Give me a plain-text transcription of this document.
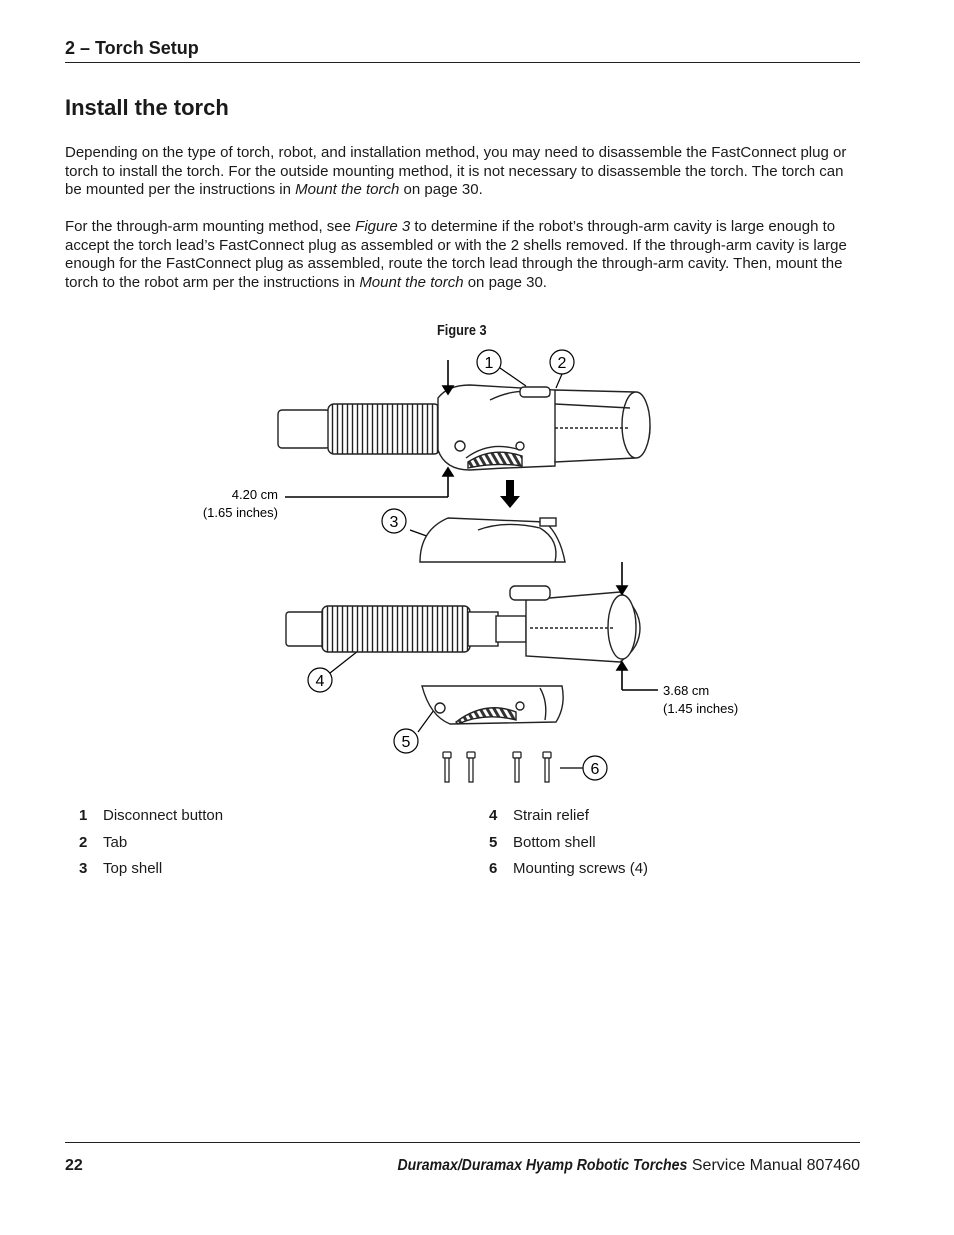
2 – Torch Setup
Install the torch

Depending on the type of torch, robot, and installation method, you may need to disassemble the FastConnect plug or torch to install the torch. For the outside mounting method, it is not necessary to disassemble the torch. The torch can be mounted per the instructions in Mount the torch on page 30.

For the through-arm mounting method, see Figure 3 to determine if the robot’s through-arm cavity is large enough to accept the torch lead’s FastConnect plug as assembled or with the 2 shells removed. If the through-arm cavity is large enough for the FastConnect plug as assembled, route the torch lead through the through-arm cavity. Then, mount the torch to the robot arm per the instructions in Mount the torch on page 30.

Figure 3
1	2
3
4
5
6
4.20 cm
(1.65 inches)
3.68 cm
(1.45 inches)
1 Disconnect button
2 Tab
3 Top shell
4 Strain relief
5 Bottom shell
6 Mounting screws (4)
22	Duramax/Duramax Hyamp Robotic Torches Service Manual 807460
